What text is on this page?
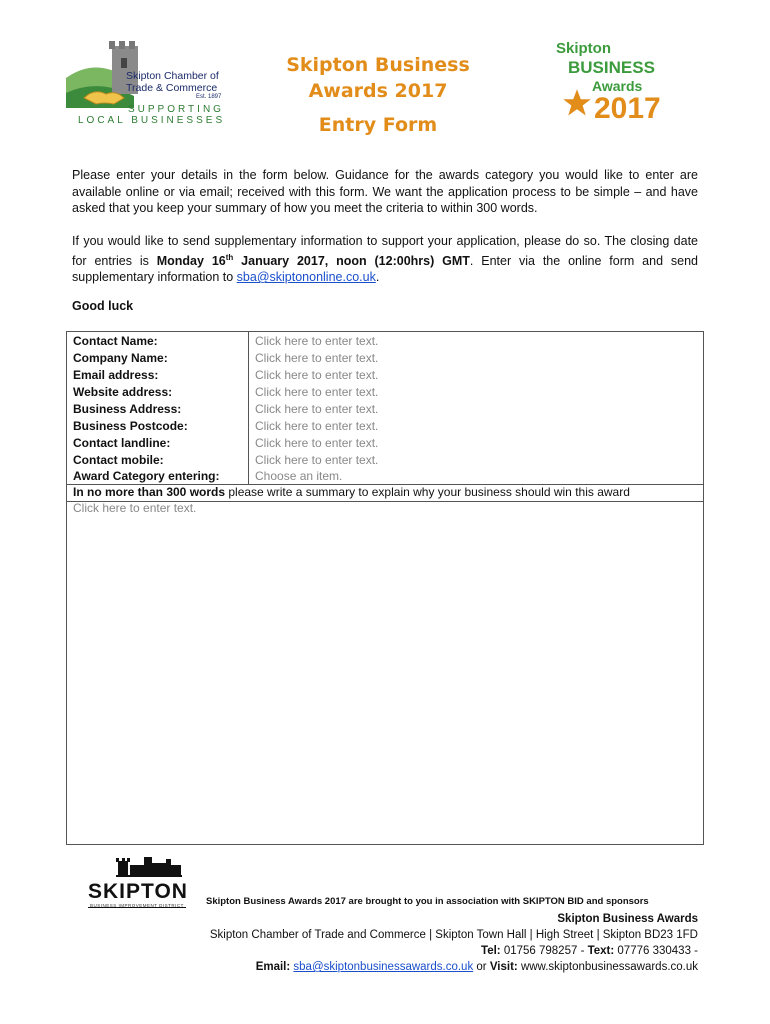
Skipton Chamber of
Trade & Commerce
Est. 1897
SUPPORTING
LOCAL BUSINESSES
Skipton Business
Awards 2017
Entry Form
Skipton
BUSINESS
Awards
2017
Please enter your details in the form below. Guidance for the awards category you would like to enter are available online or via email; received with this form. We want the application process to be simple – and have asked that you keep your summary of how you meet the criteria to within 300 words.
If you would like to send supplementary information to support your application, please do so. The closing date for entries is Monday 16th January 2017, noon (12:00hrs) GMT. Enter via the online form and send supplementary information to sba@skiptononline.co.uk.
Good luck
Contact Name:	Click here to enter text.
Company Name:	Click here to enter text.
Email address:	Click here to enter text.
Website address:	Click here to enter text.
Business Address:	Click here to enter text.
Business Postcode:	Click here to enter text.
Contact landline:	Click here to enter text.
Contact mobile:	Click here to enter text.
Award Category entering:	Choose an item.
In no more than 300 words please write a summary to explain why your business should win this award
Click here to enter text.
SKIPTON
BUSINESS IMPROVEMENT DISTRICT Skipton Business Awards 2017 are brought to you in association with SKIPTON BID and sponsors
Skipton Business Awards
Skipton Chamber of Trade and Commerce | Skipton Town Hall | High Street | Skipton BD23 1FD
Tel: 01756 798257 - Text: 07776 330433 -
Email: sba@skiptonbusinessawards.co.uk or Visit: www.skiptonbusinessawards.co.uk
